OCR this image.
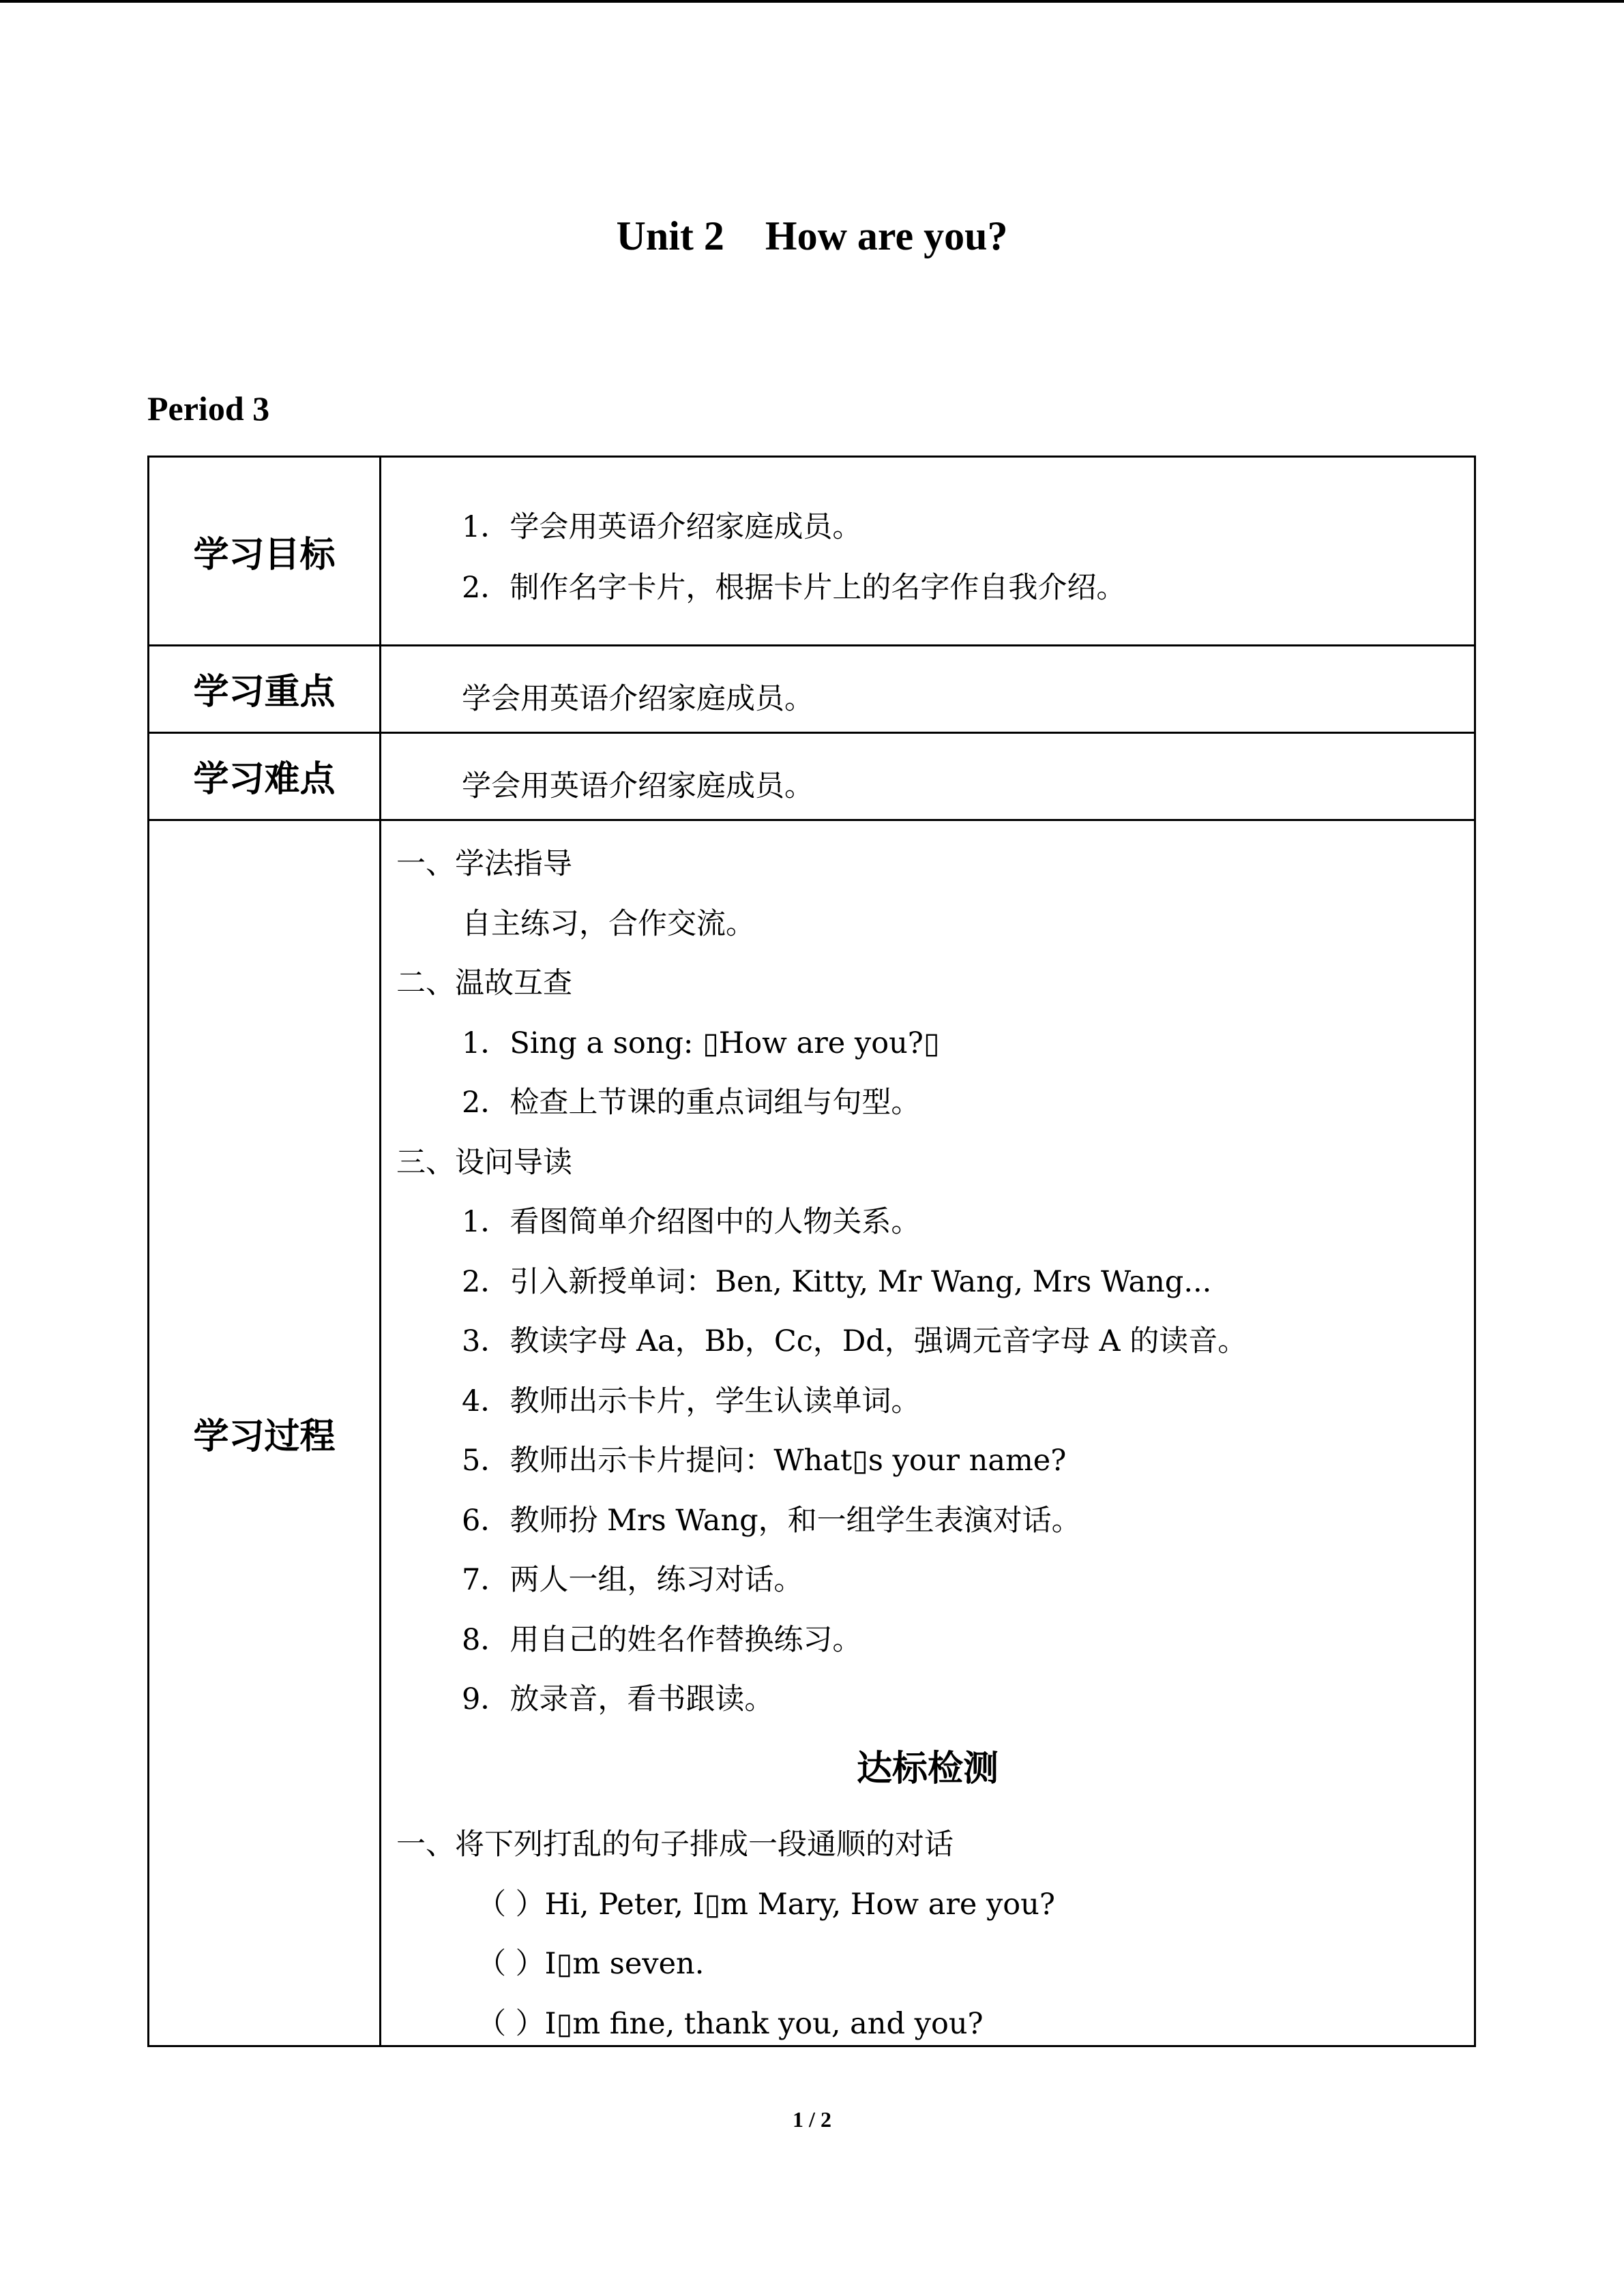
Unit 2    How are you?
Period 3
学习目标
1．学会用英语介绍家庭成员。
2．制作名字卡片，根据卡片上的名字作自我介绍。
学习重点	学会用英语介绍家庭成员。
学习难点	学会用英语介绍家庭成员。
学习过程
一、学法指导
自主练习，合作交流。
二、温故互查
1．Sing a song: ▯How are you?▯
2．检查上节课的重点词组与句型。
三、设问导读
1．看图简单介绍图中的人物关系。
2．引入新授单词：Ben, Kitty, Mr Wang, Mrs Wang...
3．教读字母 Aa，Bb，Cc，Dd，强调元音字母 A 的读音。
4．教师出示卡片，学生认读单词。
5．教师出示卡片提问：What▯s your name?
6．教师扮 Mrs Wang，和一组学生表演对话。
7．两人一组，练习对话。
8．用自己的姓名作替换练习。
9．放录音，看书跟读。
达标检测
一、将下列打乱的句子排成一段通顺的对话
（ ）Hi, Peter, I▯m Mary, How are you?
（ ）I▯m seven.
（ ）I▯m fine, thank you, and you?
1 / 2
